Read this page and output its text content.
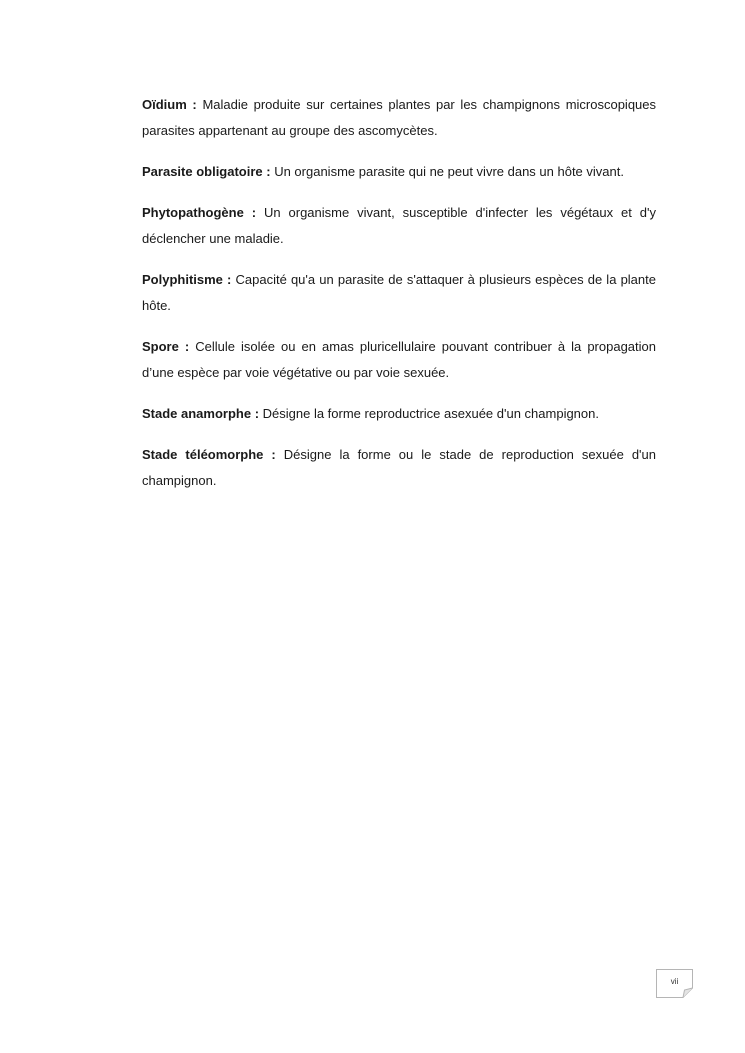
Oïdium : Maladie produite sur certaines plantes par les champignons microscopiques parasites appartenant au groupe des ascomycètes.

Parasite obligatoire : Un organisme parasite qui ne peut vivre dans un hôte vivant.

Phytopathogène : Un organisme vivant, susceptible d'infecter les végétaux et d'y déclencher une maladie.

Polyphitisme : Capacité qu'a un parasite de s'attaquer à plusieurs espèces de la plante hôte.

Spore : Cellule isolée ou en amas pluricellulaire pouvant contribuer à la propagation d’une espèce par voie végétative ou par voie sexuée.

Stade anamorphe : Désigne la forme reproductrice asexuée d'un champignon.

Stade téléomorphe : Désigne la forme ou le stade de reproduction sexuée d'un champignon.

vii
